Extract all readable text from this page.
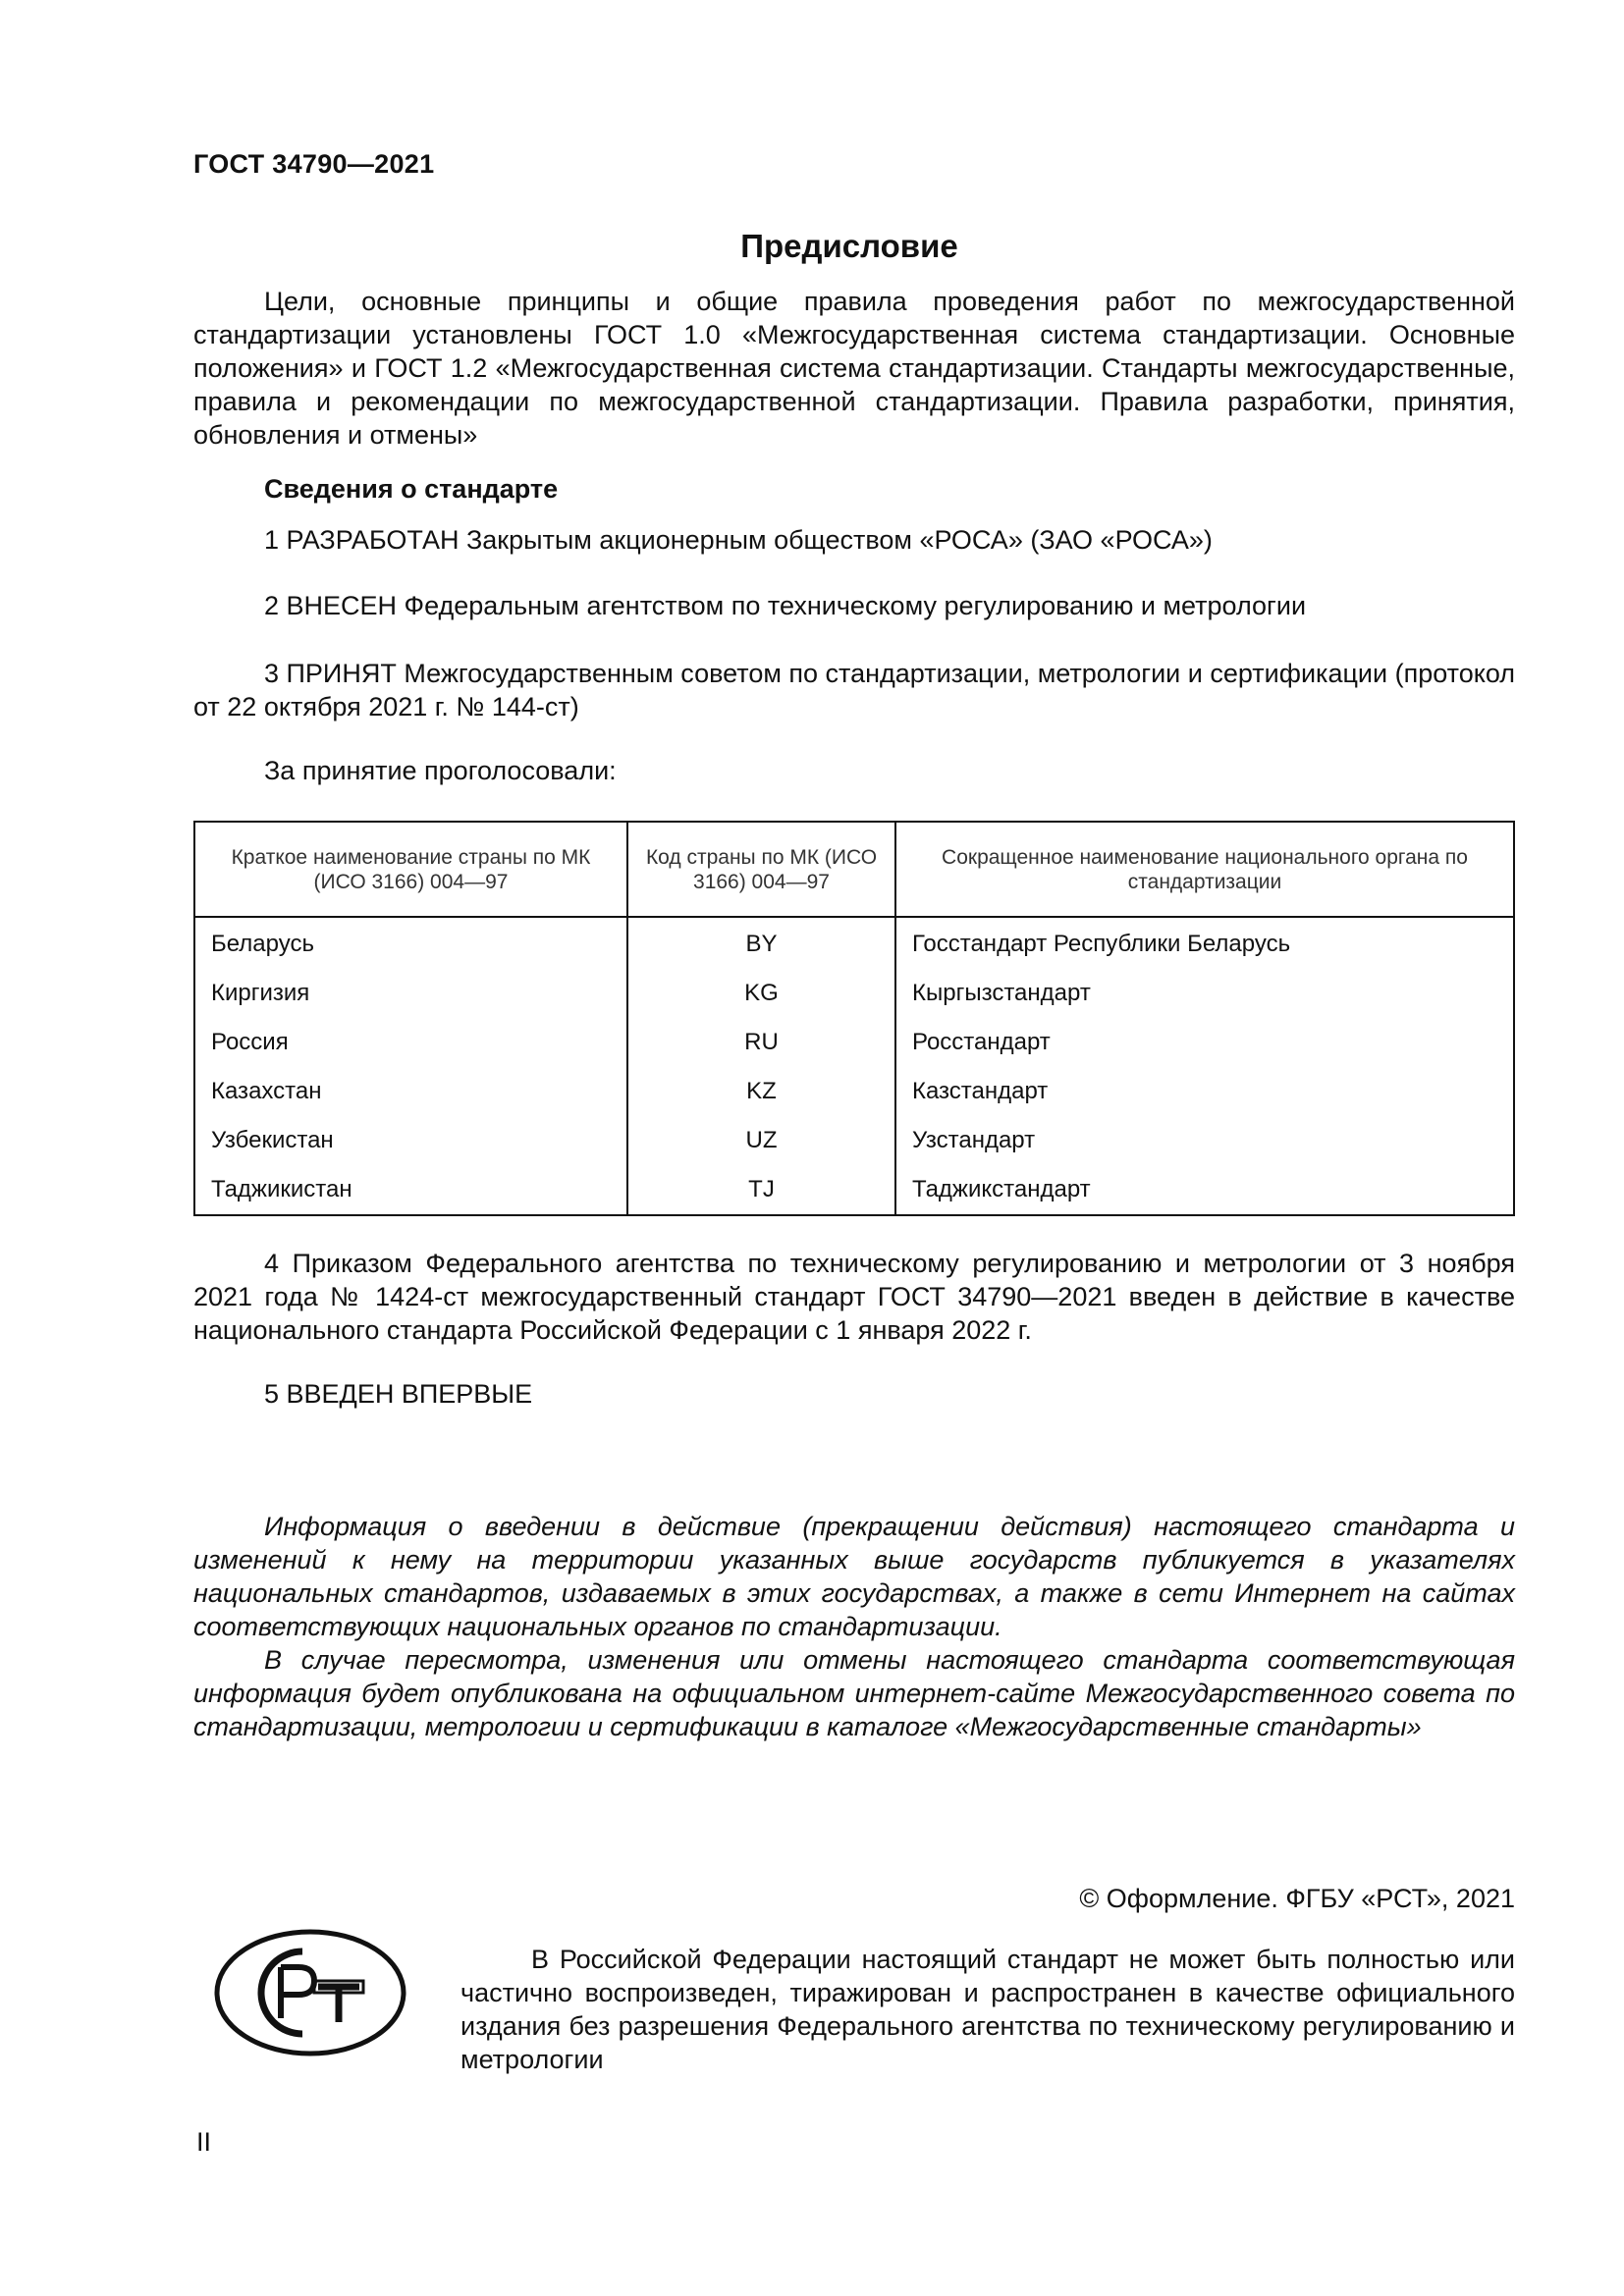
ГОСТ 34790—2021
Предисловие
Цели, основные принципы и общие правила проведения работ по межгосударственной стандартизации установлены ГОСТ 1.0 «Межгосударственная система стандартизации. Основные положения» и ГОСТ 1.2 «Межгосударственная система стандартизации. Стандарты межгосударственные, правила и рекомендации по межгосударственной стандартизации. Правила разработки, принятия, обновления и отмены»
Сведения о стандарте
1 РАЗРАБОТАН Закрытым акционерным обществом «РОСА» (ЗАО «РОСА»)
2 ВНЕСЕН Федеральным агентством по техническому регулированию и метрологии
3 ПРИНЯТ Межгосударственным советом по стандартизации, метрологии и сертификации (протокол от 22 октября 2021 г. № 144-ст)
За принятие проголосовали:
Краткое наименование страны по МК (ИСО 3166) 004—97	Код страны по МК (ИСО 3166) 004—97	Сокращенное наименование национального органа по стандартизации
Беларусь	BY	Госстандарт Республики Беларусь
Киргизия	KG	Кыргызстандарт
Россия	RU	Росстандарт
Казахстан	KZ	Казстандарт
Узбекистан	UZ	Узстандарт
Таджикистан	TJ	Таджикстандарт
4 Приказом Федерального агентства по техническому регулированию и метрологии от 3 ноября 2021 года № 1424-ст межгосударственный стандарт ГОСТ 34790—2021 введен в действие в качестве национального стандарта Российской Федерации с 1 января 2022 г.
5 ВВЕДЕН ВПЕРВЫЕ
Информация о введении в действие (прекращении действия) настоящего стандарта и изменений к нему на территории указанных выше государств публикуется в указателях национальных стандартов, издаваемых в этих государствах, а также в сети Интернет на сайтах соответствующих национальных органов по стандартизации.
В случае пересмотра, изменения или отмены настоящего стандарта соответствующая информация будет опубликована на официальном интернет-сайте Межгосударственного совета по стандартизации, метрологии и сертификации в каталоге «Межгосударственные стандарты»
© Оформление. ФГБУ «РСТ», 2021
В Российской Федерации настоящий стандарт не может быть полностью или частично воспроизведен, тиражирован и распространен в качестве официального издания без разрешения Федерального агентства по техническому регулированию и метрологии
II
